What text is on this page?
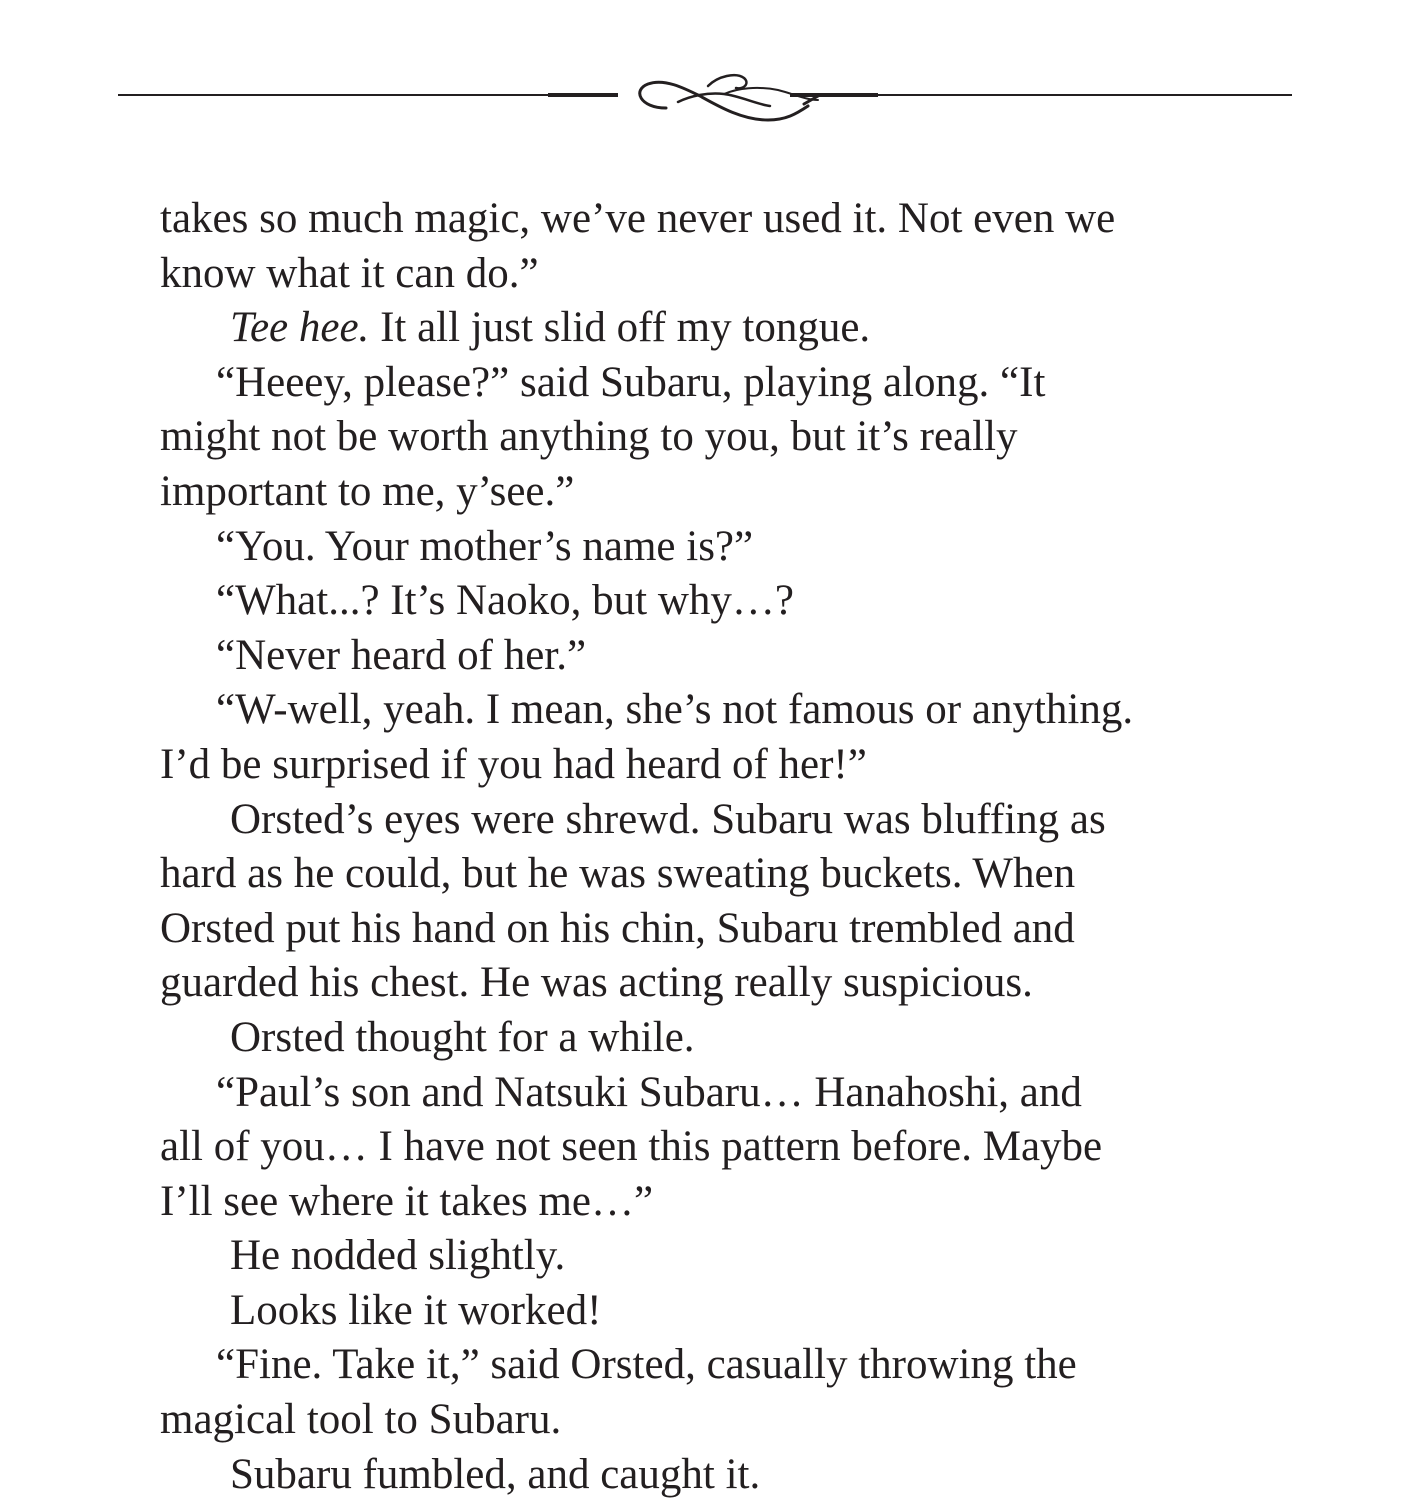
takes so much magic, we’ve never used it. Not even we
know what it can do.”
Tee hee. It all just slid off my tongue.
“Heeey, please?” said Subaru, playing along. “It
might not be worth anything to you, but it’s really
important to me, y’see.”
“You. Your mother’s name is?”
“What...? It’s Naoko, but why…?
“Never heard of her.”
“W-well, yeah. I mean, she’s not famous or anything.
I’d be surprised if you had heard of her!”
Orsted’s eyes were shrewd. Subaru was bluffing as
hard as he could, but he was sweating buckets. When
Orsted put his hand on his chin, Subaru trembled and
guarded his chest. He was acting really suspicious.
Orsted thought for a while.
“Paul’s son and Natsuki Subaru… Hanahoshi, and
all of you… I have not seen this pattern before. Maybe
I’ll see where it takes me…”
He nodded slightly.
Looks like it worked!
“Fine. Take it,” said Orsted, casually throwing the
magical tool to Subaru.
Subaru fumbled, and caught it.
